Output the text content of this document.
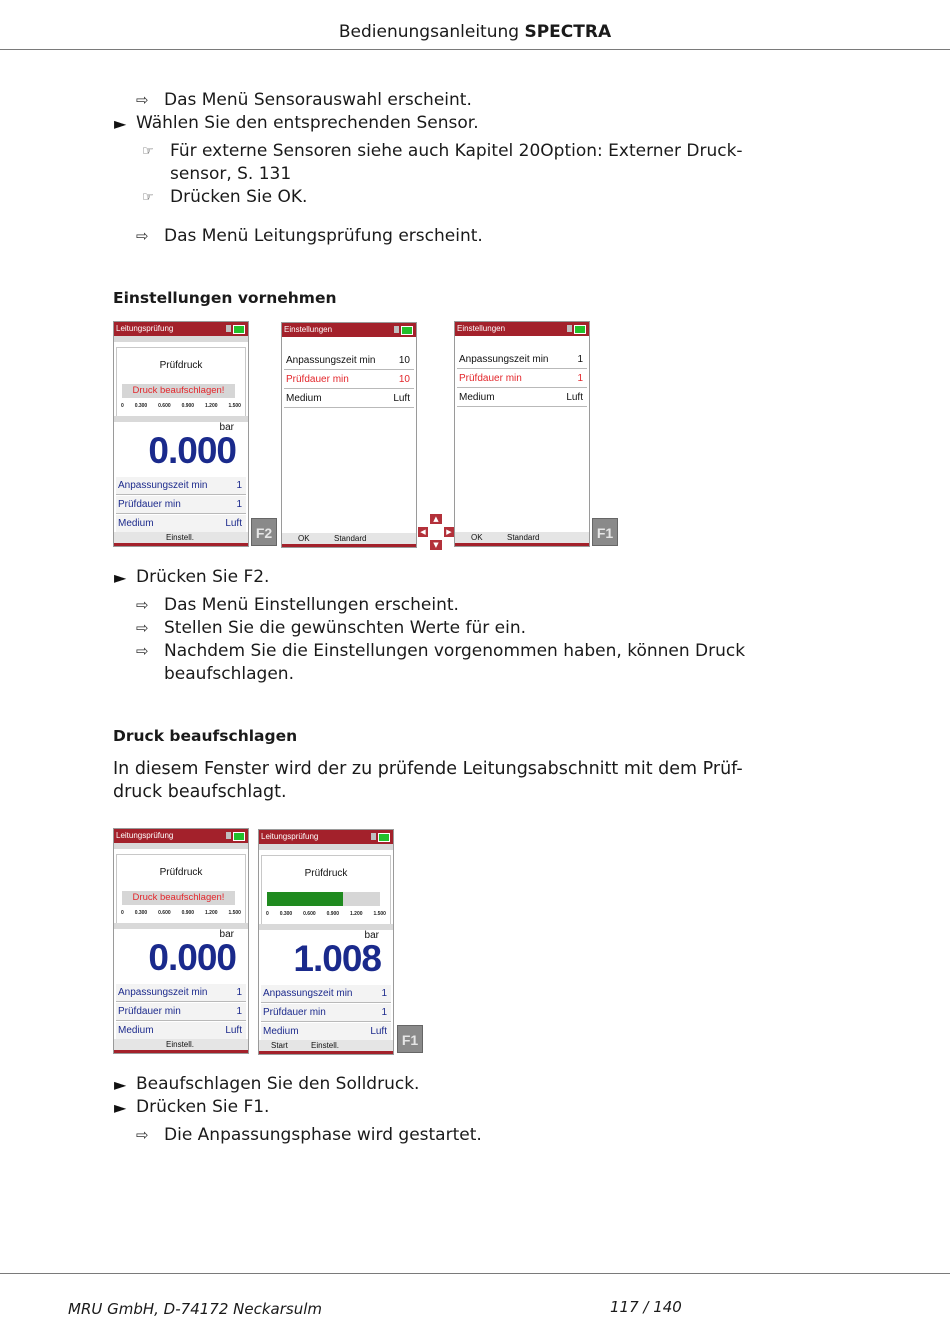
Bedienungsanleitung SPECTRA
⇨ Das Menü Sensorauswahl erscheint.
► Wählen Sie den entsprechenden Sensor.
☞ Für externe Sensoren siehe auch Kapitel 20Option: Externer Druck-
sensor, S. 131
☞ Drücken Sie OK.
⇨ Das Menü Leitungsprüfung erscheint.
Einstellungen vornehmen
Leitungsprüfung
Prüfdruck
Druck beaufschlagen!
0 0.300 0.600 0.900 1.200 1.500
bar
0.000
Anpassungszeit min	1
Prüfdauer min	1
Medium	Luft
Einstell.	F2
Einstellungen
Anpassungszeit min 10
Prüfdauer min	10
Medium	Luft
OK	Standard
▲
◀	▶
▼
Einstellungen
Anpassungszeit min	1
Prüfdauer min	1
Medium	Luft
OK	Standard	F1
► Drücken Sie F2.
⇨ Das Menü Einstellungen erscheint.
⇨ Stellen Sie die gewünschten Werte für ein.
⇨ Nachdem Sie die Einstellungen vorgenommen haben, können Druck
beaufschlagen.
Druck beaufschlagen
In diesem Fenster wird der zu prüfende Leitungsabschnitt mit dem Prüf-
druck beaufschlagt.
Leitungsprüfung
Prüfdruck
Druck beaufschlagen!
0 0.300 0.600 0.900 1.200 1.500
bar
0.000
Anpassungszeit min	1
Prüfdauer min	1
Medium	Luft
Einstell.
Leitungsprüfung
Prüfdruck
0 0.300 0.600 0.900 1.200 1.500
bar
1.008
Anpassungszeit min	1
Prüfdauer min	1
Medium	Luft
Start	Einstell.	F1
► Beaufschlagen Sie den Solldruck.
► Drücken Sie F1.
⇨ Die Anpassungsphase wird gestartet.
MRU GmbH, D-74172 Neckarsulm	117 / 140
